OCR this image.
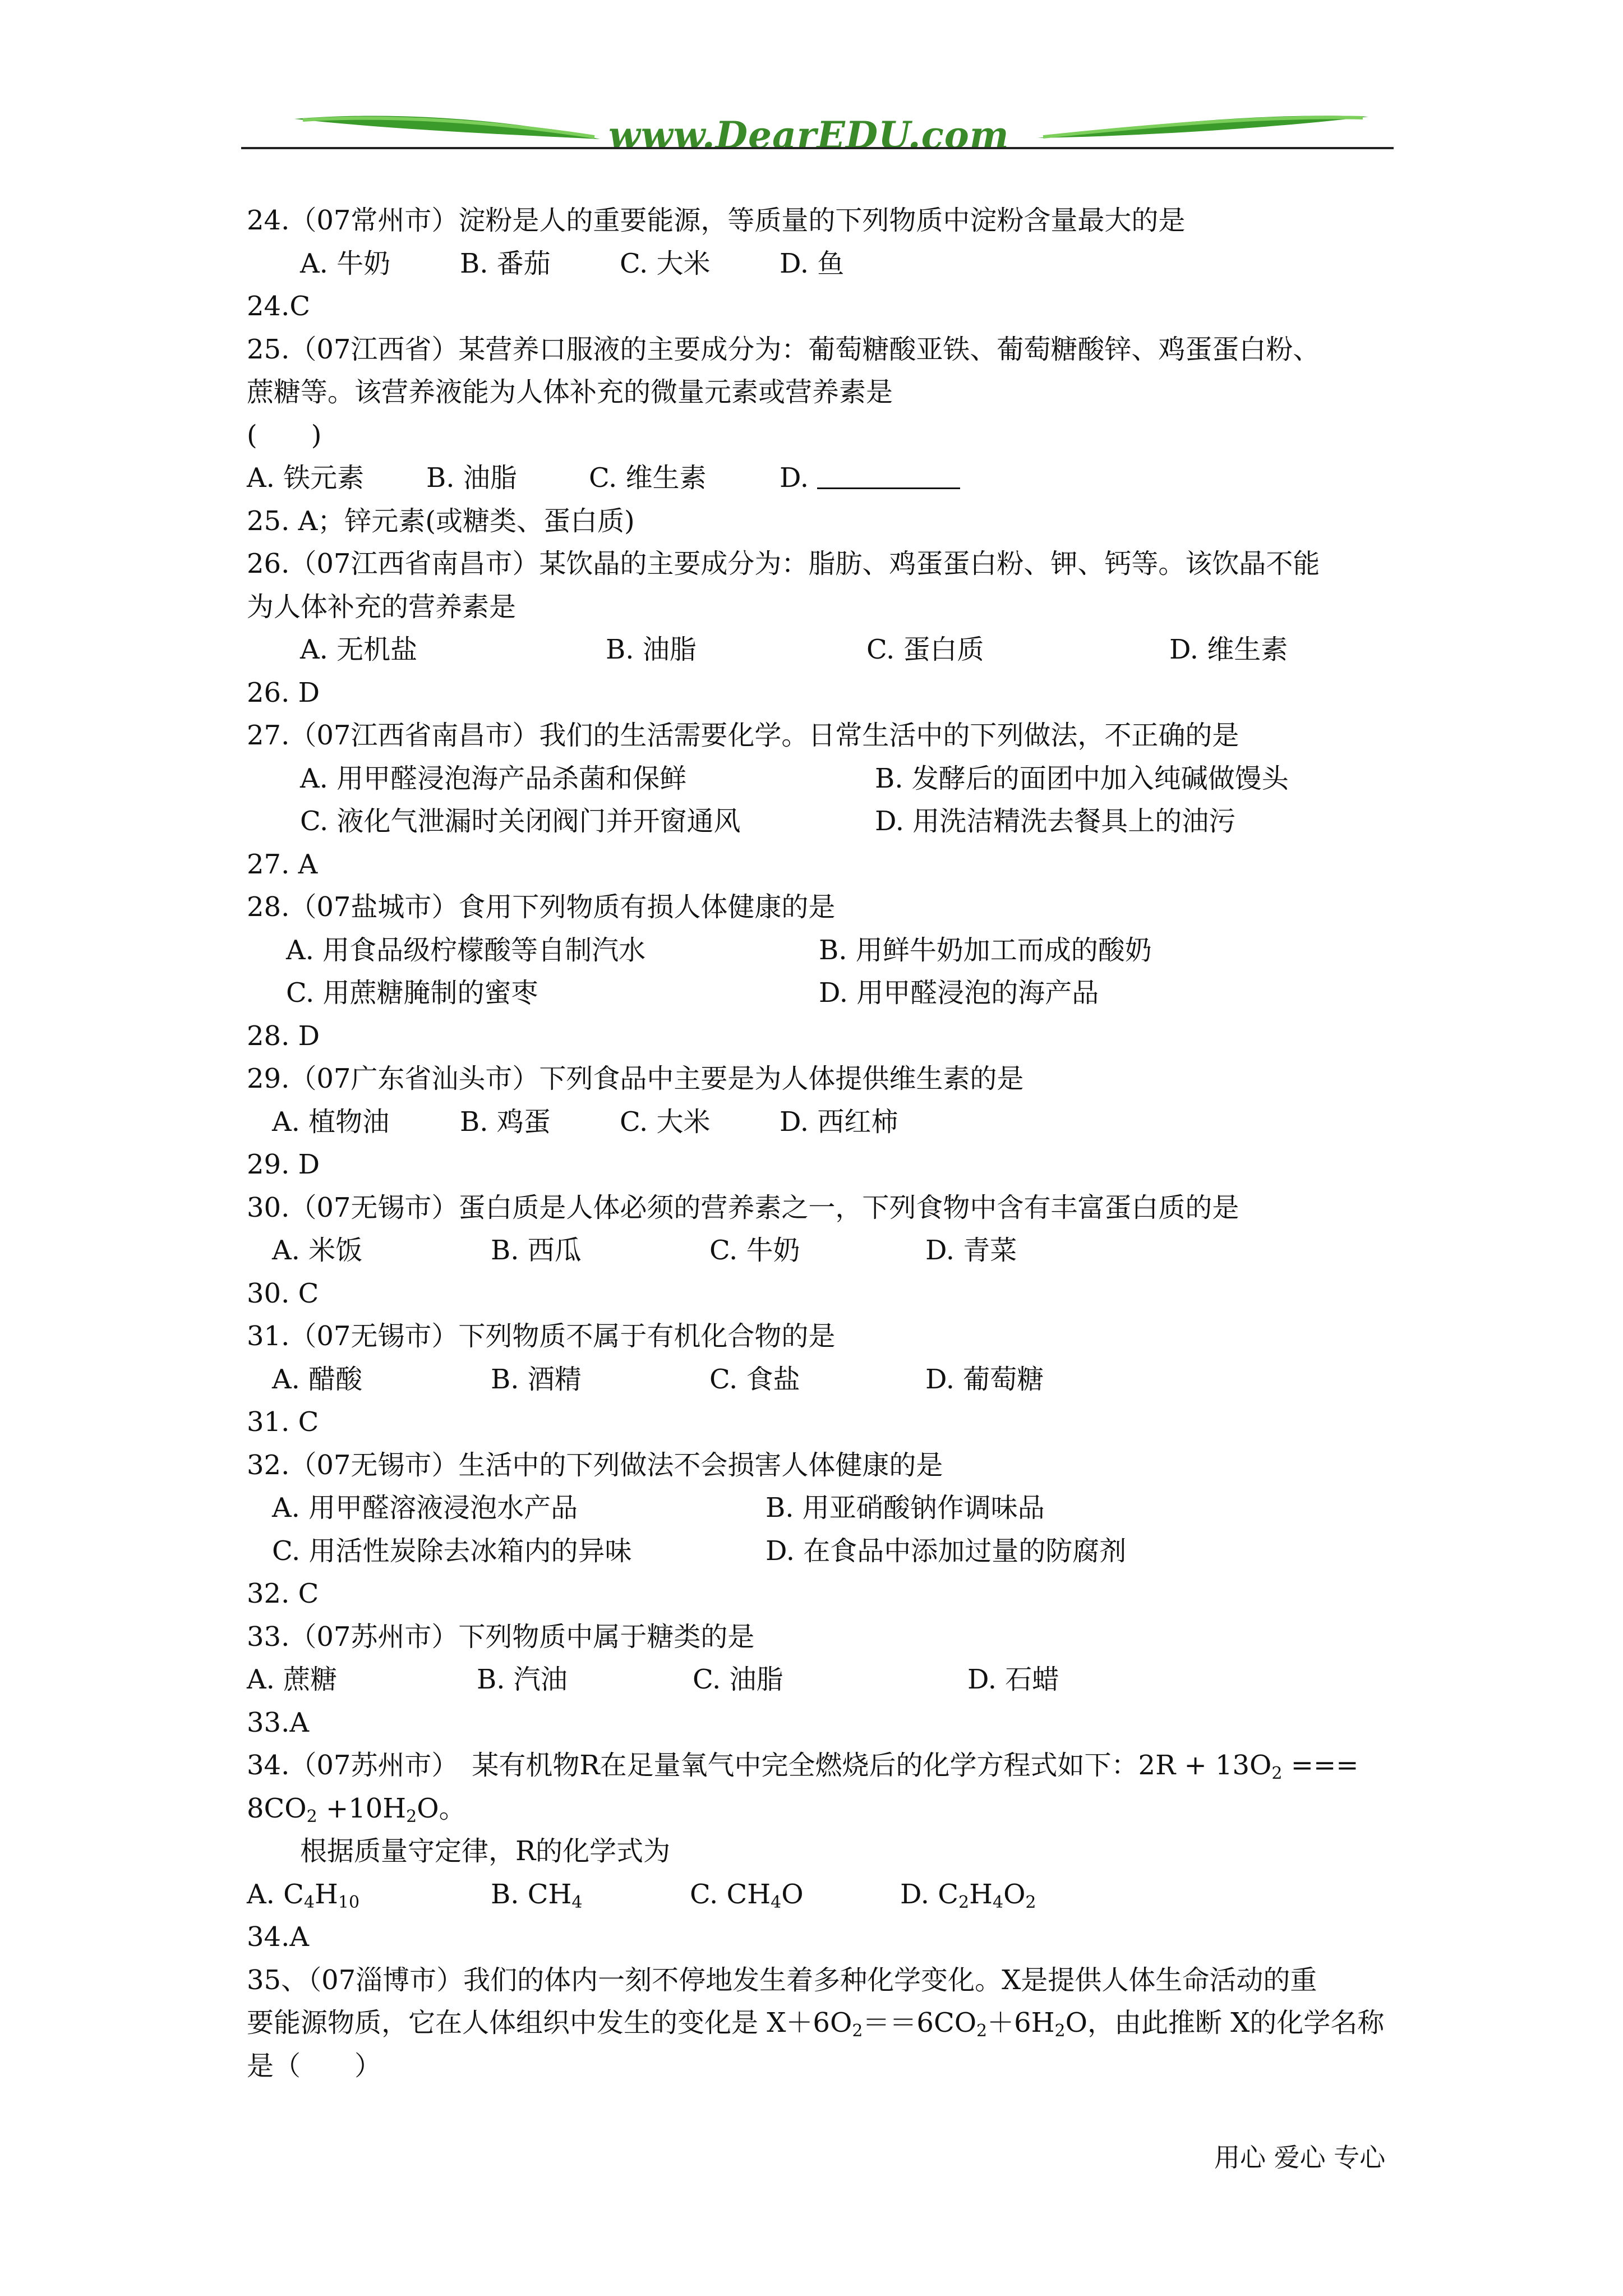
www.DearEDU.com
24.（07常州市）淀粉是人的重要能源，等质量的下列物质中淀粉含量最大的是
A. 牛奶	B. 番茄	C. 大米	D. 鱼
24.C
25.（07江西省）某营养口服液的主要成分为：葡萄糖酸亚铁、葡萄糖酸锌、鸡蛋蛋白粉、
蔗糖等。该营养液能为人体补充的微量元素或营养素是
(　　)
A. 铁元素 B. 油脂	C. 维生素	D.
25. A；锌元素(或糖类、蛋白质)
26.（07江西省南昌市）某饮晶的主要成分为：脂肪、鸡蛋蛋白粉、钾、钙等。该饮晶不能
为人体补充的营养素是
A. 无机盐	B. 油脂	C. 蛋白质	D. 维生素
26. D
27.（07江西省南昌市）我们的生活需要化学。日常生活中的下列做法，不正确的是
A. 用甲醛浸泡海产品杀菌和保鲜	B. 发酵后的面团中加入纯碱做馒头
C. 液化气泄漏时关闭阀门并开窗通风	D. 用洗洁精洗去餐具上的油污
27. A
28.（07盐城市）食用下列物质有损人体健康的是
A. 用食品级柠檬酸等自制汽水	B. 用鲜牛奶加工而成的酸奶
C. 用蔗糖腌制的蜜枣	D. 用甲醛浸泡的海产品
28. D
29.（07广东省汕头市）下列食品中主要是为人体提供维生素的是
A. 植物油	B. 鸡蛋	C. 大米	D. 西红柿
29. D
30.（07无锡市）蛋白质是人体必须的营养素之一，下列食物中含有丰富蛋白质的是
A. 米饭	B. 西瓜	C. 牛奶	D. 青菜
30. C
31.（07无锡市）下列物质不属于有机化合物的是
A. 醋酸	B. 酒精	C. 食盐	D. 葡萄糖
31. C
32.（07无锡市）生活中的下列做法不会损害人体健康的是
A. 用甲醛溶液浸泡水产品	B. 用亚硝酸钠作调味品
C. 用活性炭除去冰箱内的异味	D. 在食品中添加过量的防腐剂
32. C
33.（07苏州市）下列物质中属于糖类的是
A. 蔗糖	B. 汽油	C. 油脂	D. 石蜡
33.A
34.（07苏州市）　某有机物R在足量氧气中完全燃烧后的化学方程式如下：$2R + 13O_2$ ===
$8CO_2 +10H_2O$。
根据质量守定律，R的化学式为
A. $C_4H_{10}$	B. $CH_4$	C. $CH_4O$	D. $C_2H_4O_2$
34.A
35、（07淄博市）我们的体内一刻不停地发生着多种化学变化。X是提供人体生命活动的重
要能源物质，它在人体组织中发生的变化是 $X+6O_2==6CO_2+6H_2O$，由此推断 X的化学名称
是（　　）
用心 爱心 专心
